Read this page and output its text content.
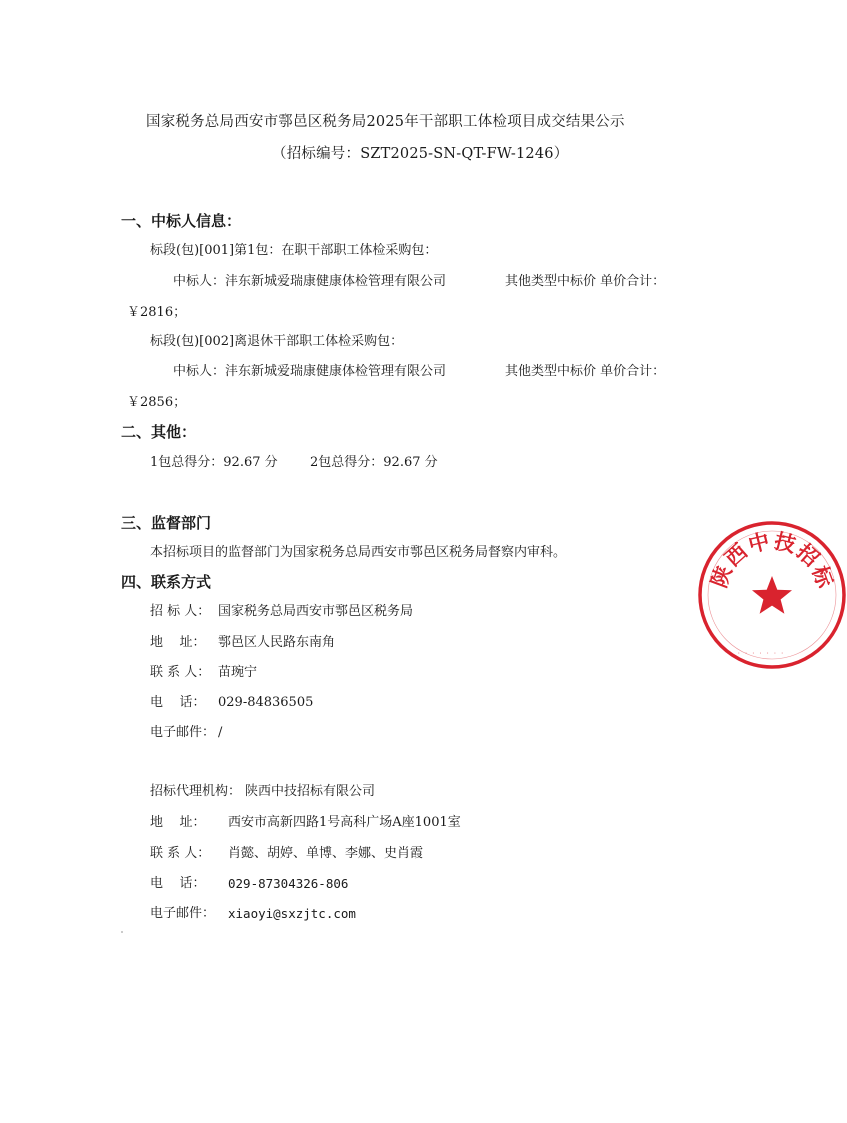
国家税务总局西安市鄠邑区税务局2025年干部职工体检项目成交结果公示
（招标编号：SZT2025-SN-QT-FW-1246）
一、中标人信息：
标段(包)[001]第1包：在职干部职工体检采购包：
中标人：沣东新城爱瑞康健康体检管理有限公司	其他类型中标价 单价合计：
￥2816；
标段(包)[002]离退休干部职工体检采购包：
中标人：沣东新城爱瑞康健康体检管理有限公司	其他类型中标价 单价合计：
￥2856；
二、其他：
1包总得分：92.67 分 2包总得分：92.67 分
三、监督部门
本招标项目的监督部门为国家税务总局西安市鄠邑区税务局督察内审科。
四、联系方式
招 标 人： 国家税务总局西安市鄠邑区税务局
地    址： 鄠邑区人民路东南角
联 系 人： 苗琬宁
电    话： 029-84836505
电子邮件： /
招标代理机构： 陕西中技招标有限公司
地    址： 西安市高新四路1号高科广场A座1001室
联 系 人： 肖懿、胡婷、单博、李娜、史肖霞
电    话： 029-87304326-806
电子邮件： xiaoyi@sxzjtc.com
陕
西
中 技
招
标
· · · · · · ·
